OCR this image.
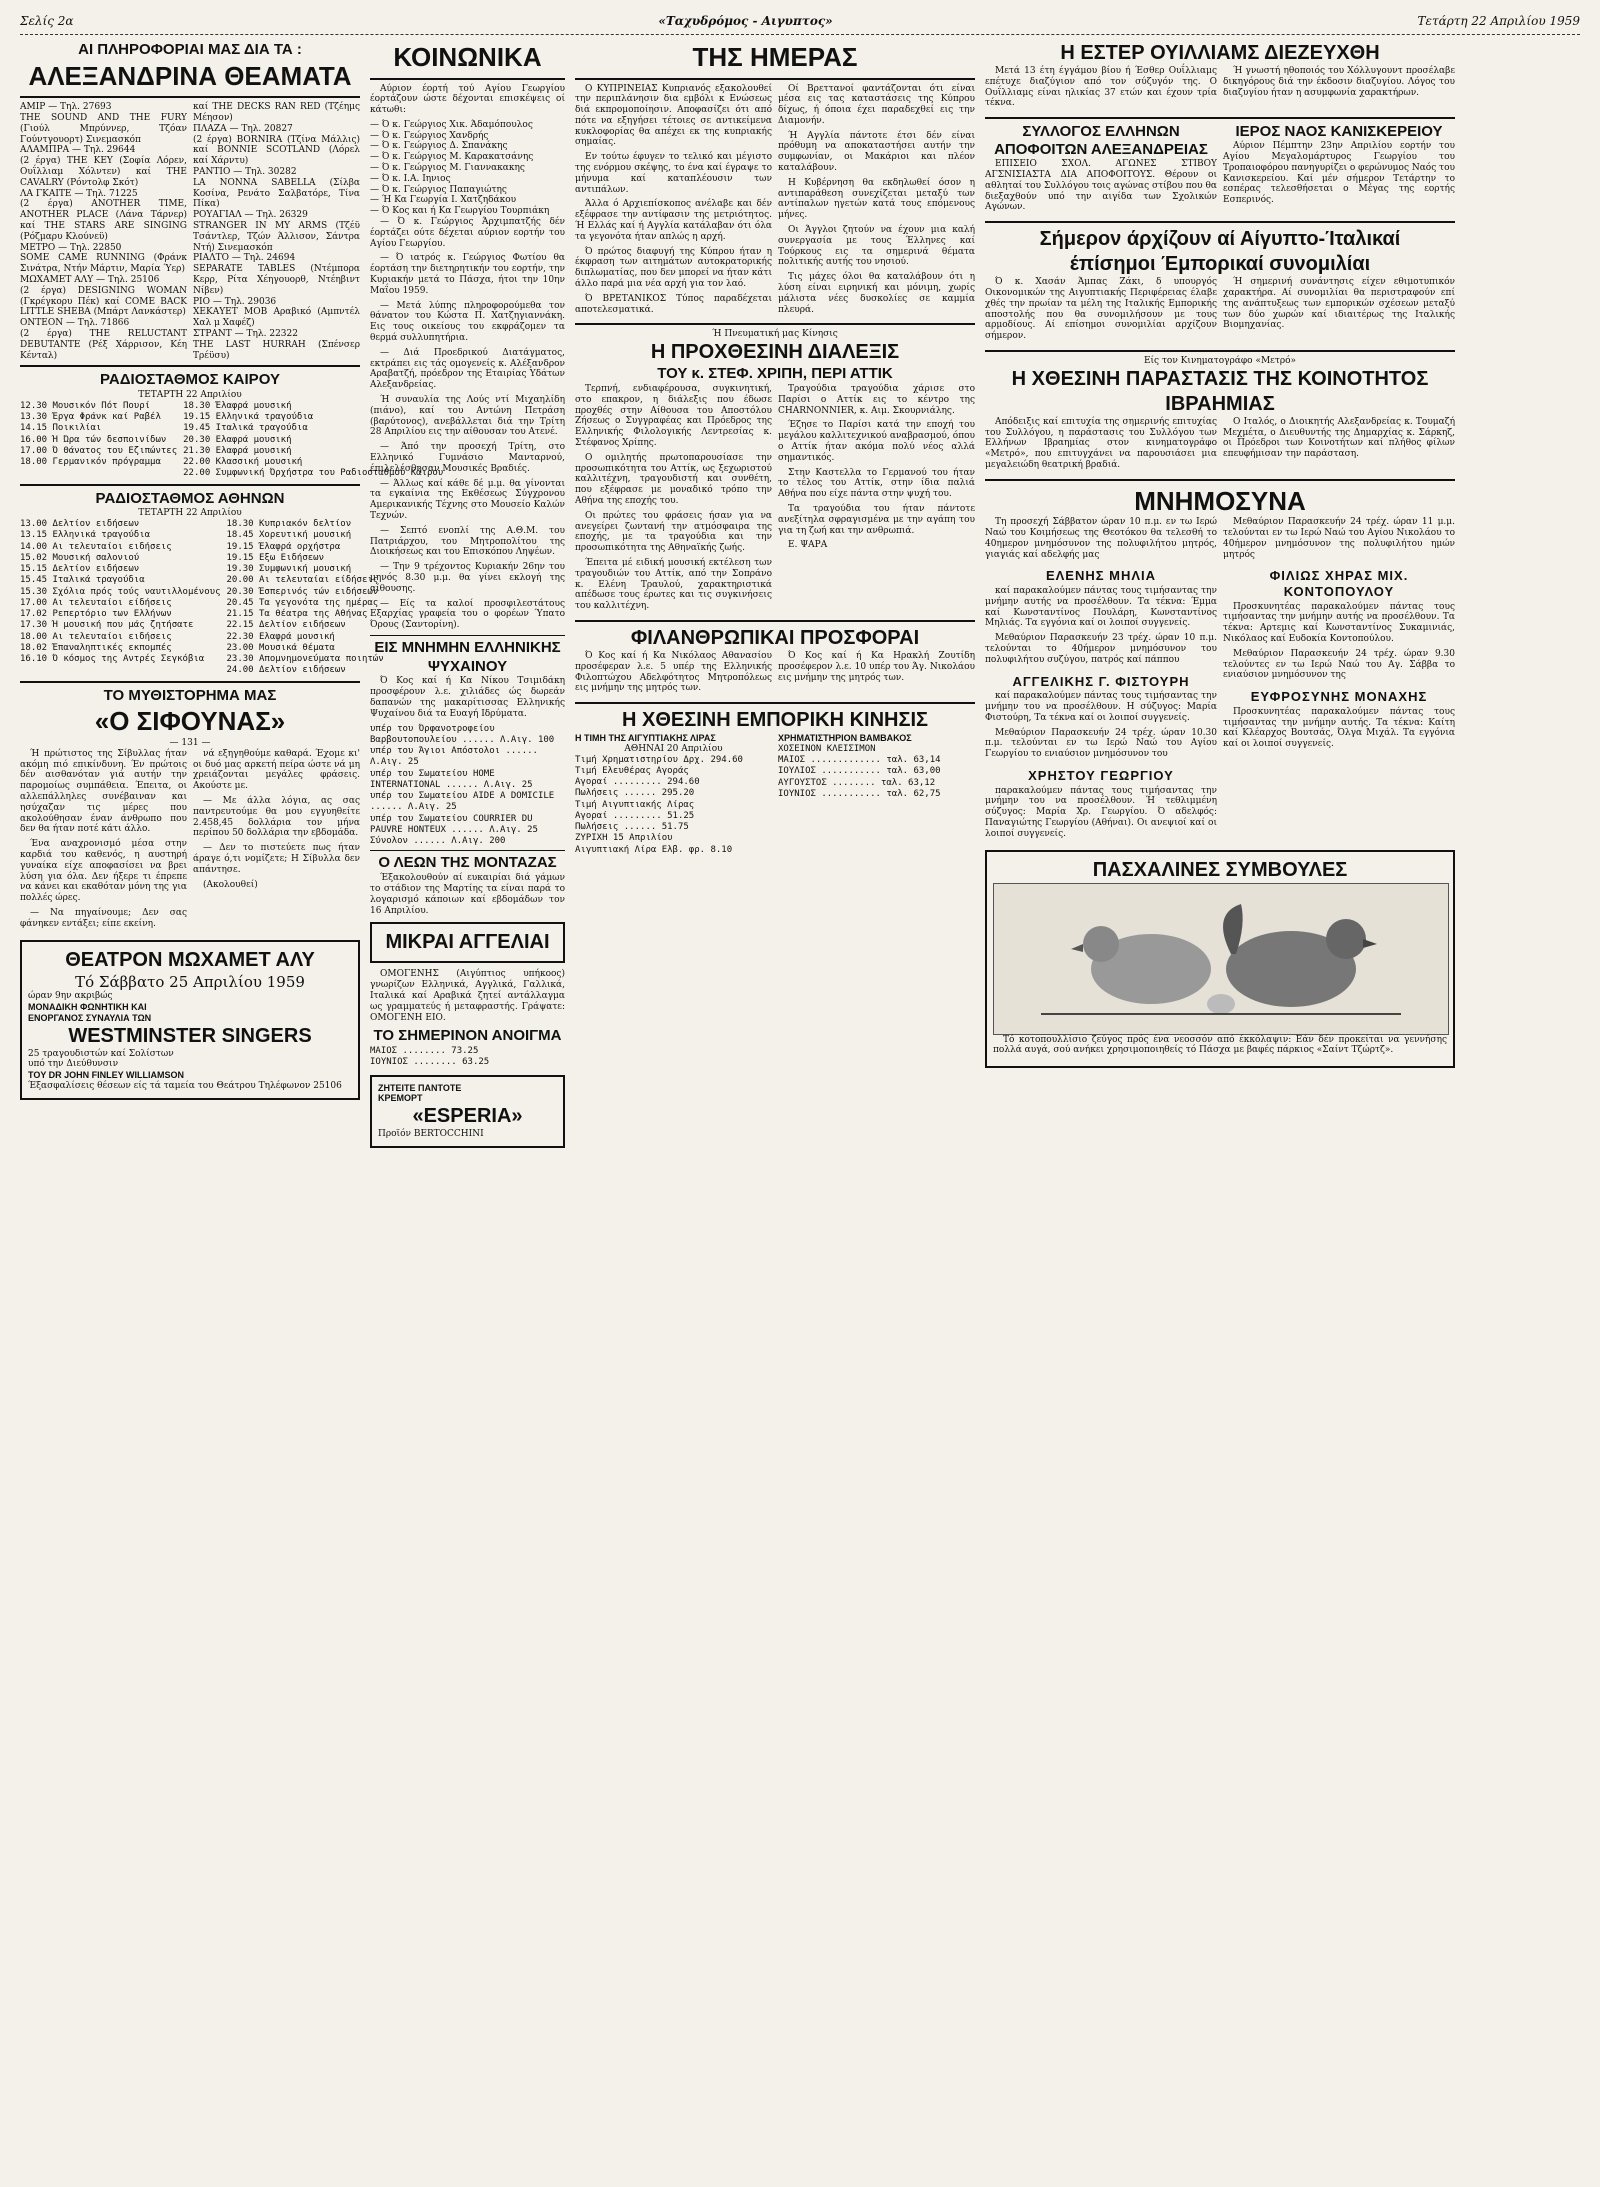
Σελίς 2α	«Ταχυδρόμος - Αιγυπτος»	Τετάρτη 22 Απριλίου 1959
ΑΙ ΠΛΗΡΟΦΟΡΙΑΙ ΜΑΣ ΔΙΑ ΤΑ :
ΑΛΕΞΑΝΔΡΙΝΑ ΘΕΑΜΑΤΑ
ΑΜΙΡ — Τηλ. 27693
THE SOUND AND THE FURY (Γιούλ Μπρύννερ, Τζόαν Γούντγουορτ) Σινεμασκόπ
ΑΛΑΜΠΡΑ — Τηλ. 29644
(2 έργα) THE KEY (Σοφία Λόρεν, Ουΐλλιαμ Χόλντεν) καί THE CAVALRY (Ρόντολφ Σκότ)
ΛΑ ΓΚΑΙΤΕ — Τηλ. 71225
(2 έργα) ANOTHER TIME, ANOTHER PLACE (Λάνα Τάρνερ) καί THE STARS ARE SINGING (Ρόζμαρυ Κλούνεϋ)
ΜΕΤΡΟ — Τηλ. 22850
SOME CAME RUNNING (Φράνκ Σινάτρα, Ντήν Μάρτιν, Μαρία Ύερ)
ΜΩΧΑΜΕΤ ΑΛΥ — Τηλ. 25106
(2 έργα) DESIGNING WOMAN (Γκρέγκορυ Πέκ) καί COME BACK LITTLE SHEBA (Μπάρτ Λανκάστερ)
ΟΝΤΕΟΝ — Τηλ. 71866
(2 έργα) THE RELUCTANT DEBUTANTE (Ρέξ Χάρρισον, Κέη Κένταλ)
καί THE DECKS RAN RED (Τζέημς Μέησον)
ΠΛΑΖΑ — Τηλ. 20827
(2 έργα) BORNIRA (Τζίνα Μάλλις) καί BONNIE SCOTLAND (Λόρελ καί Χάρντυ)
ΡΑΝΤΙΟ — Τηλ. 30282
LA NONNA SABELLA (Σίλβα Κοσίνα, Ρενάτο Σαλβατόρε, Τίνα Πίκα)
ΡΟΥΑΓΙΑΛ — Τηλ. 26329
STRANGER IN MY ARMS (Τζέϋ Τσάντλερ, Τζών Άλλισον, Σάντρα Ντή) Σινεμασκόπ
ΡΙΑΛΤΟ — Τηλ. 24694
SEPARATE TABLES (Ντέμπορα Κερρ, Ρίτα Χέηγουορθ, Ντέηβιντ Νίβεν)
ΡΙΟ — Τηλ. 29036
ΧΕΚΑΥΕΤ ΜΟΒ Αραβικό (Αμπντέλ Χαλ μ Χαφέζ)
ΣΤΡΑΝΤ — Τηλ. 22322
THE LAST HURRAH (Σπένσερ Τρέϋσυ)
ΡΑΔΙΟΣΤΑΘΜΟΣ ΚΑΙΡΟΥ
ΤΕΤΑΡΤΗ 22 Απριλίου
12.30 Μουσικόν Πότ Πουρί
13.30 Έργα Φράνκ καί Ραβέλ
14.15 Ποικιλίαι
16.00 Ή Ώρα τών δεσποινίδων
17.00 Ό Θάνατος του Εζιπώντες
18.00 Γερμανικόν πρόγραμμα
18.30 Έλαφρά μουσική
19.15 Ελληνικά τραγούδια
19.45 Ιταλικά τραγούδια
20.30 Ελαφρά μουσική
21.30 Ελαφρά μουσική
22.00 Κλασσική μουσική
22.00 Συμφωνική Όρχήστρα του Ραδιοσταθμού Κάιρου
ΡΑΔΙΟΣΤΑΘΜΟΣ ΑΘΗΝΩΝ
ΤΕΤΑΡΤΗ 22 Απριλίου
13.00 Δελτίον ειδήσεων
13.15 Ελληνικά τραγούδια
14.00 Αι τελευταίοι ειδήσεις
15.02 Μουσική σαλονιού
15.15 Δελτίον ειδήσεων
15.45 Ιταλικά τραγούδια
15.30 Σχόλια πρός τούς ναυτιλλομένους
17.00 Αι τελευταίοι είδήσεις
17.02 Ρεπερτόριο των Ελλήνων
17.30 Ή μουσική που μάς ζητήσατε
18.00 Αι τελευταίοι ειδήσεις
18.02 Έπαναληπτικές εκπομπές
16.10 Ό κόσμος της Αντρές Σεγκόβια
18.30 Κυπριακόν δελτίον
18.45 Χορευτική μουσική
19.15 Έλαφρά ορχήστρα
19.15 Εξω Ειδήσεων
19.30 Συμφωνική μουσική
20.00 Αι τελευταίαι είδήσεις
20.30 Έσπερινός τών ειδήσεων
20.45 Τα γεγονότα της ημέρας
21.15 Τα θέατρα της Αθήνας
22.15 Δελτίον ειδήσεων
22.30 Ελαφρά μουσική
23.00 Μουσικά θέματα
23.30 Απομνημονεύματα ποιητών
24.00 Δελτίον ειδήσεων
ΤΟ ΜΥΘΙΣΤΟΡΗΜΑ ΜΑΣ
«Ο ΣΙΦΟΥΝΑΣ»
— 131 —

Ή πρώτιστος της Σίβυλλας ήταν ακόμη πιό επικίνδυνη. Έν πρώτοις δέν αισθανόταν γιά αυτήν την παρομοίως συμπάθεια. Έπειτα, οι αλλεπάλληλες συνέβαιναν και ησύχαζαν τις μέρες που ακολούθησαν έναν άνθρωπο που δεν θα ήταν ποτέ κάτι άλλο.

Ένα αναχρονισμό μέσα στην καρδιά του καθενός, η αυστηρή γυναίκα είχε αποφασίσει να βρει λύση για όλα. Δεν ήξερε τι έπρεπε να κάνει και εκαθόταν μόνη της για πολλές ώρες.

— Να πηγαίνουμε; Δεν σας φάνηκεν εντάξει; είπε εκείνη.

νά εξηγηθούμε καθαρά. Έχομε κι' οι δυό μας αρκετή πείρα ώστε νά μη χρειάζονται μεγάλες φράσεις. Ακούστε με.

— Με άλλα λόγια, ας σας παντρευτούμε θα μου εγγυηθείτε 2.458,45 δολλάρια τον μήνα περίπου 50 δολλάρια την εβδομάδα.

— Δεν το πιστεύετε πως ήταν άραγε ό,τι νομίζετε; Η Σίβυλλα δεν απάντησε.

(Ακολουθεί)

ΘΕΑΤΡΟΝ ΜΩΧΑΜΕΤ ΑΛΥ
Τό Σάββατο 25 Απριλίου 1959
ώραν 9ην ακριβώς
ΜΟΝΑΔΙΚΗ ΦΩΝΗΤΙΚΗ ΚΑΙ
ΕΝΟΡΓΑΝΟΣ ΣΥΝΑΥΛΙΑ ΤΩΝ
WESTMINSTER SINGERS
25 τραγουδιστών καί Σολίστων
υπό την Διεύθυνσιν
TOY DR JOHN FINLEY WILLIAMSON
Έξασφαλίσεις θέσεων είς τά ταμεία του Θεάτρου Τηλέφωνον 25106
ΚΟΙΝΩΝΙΚΑ

Αύριον έορτή τού Αγίου Γεωργίου έορτάζουν ώστε δέχονται επισκέψεις οί κάτωθι:

— Ό κ. Γεώργιος Χικ. Άδαμόπουλος
— Ό κ. Γεώργιος Χανδρής
— Ό κ. Γεώργιος Δ. Σπανάκης
— Ό κ. Γεώργιος Μ. Καρακατσάνης
— Ό κ. Γεώργιος Μ. Γιαννακακης
— Ό κ. Ι.Α. Ιηνιος
— Ό κ. Γεώργιος Παπαγιώτης
— Ή Κα Γεωργία Ι. Χατζηδάκου
— Ό Κος και ή Κα Γεωργίου Τουρπιάκη

— Ό κ. Γεώργιος Άρχιμπατζής δέν έορτάζει ούτε δέχεται αύριον εορτήν του Αγίου Γεωργίου.

— Ό ιατρός κ. Γεώργιος Φωτίου θα έορτάση την διετηρητικήν του εορτήν, την Κυριακήν μετά το Πάσχα, ήτοι την 10ην Μαΐου 1959.

— Μετά λύπης πληροφορούμεθα τον θάνατον του Κώστα Π. Χατζηγιαννάκη. Εις τους οικείους του εκφράζομεν τα θερμά συλλυπητήρια.

— Διά Προεδρικού Διατάγματος, εκτράπει εις τάς ομογενείς κ. Αλέξανδρον Αραβατζή, πρόεδρον της Εταιρίας Υδάτων Αλεξανδρείας.

Ή συναυλία της Λούς ντί Μιχαηλίδη (πιάνο), καί του Αντώνη Πετράση (βαρύτονος), ανεβάλλεται διά την Τρίτη 28 Απριλίου εις την αίθουσαν του Ατενέ.

— Άπό την προσεχή Τρίτη, στο Ελληνικό Γυμνάσιο Μανταρνού, έπιλελέσθησαν Μουσικές Βραδιές.

— Άλλως καί κάθε δέ μ.μ. θα γίνονται τα εγκαίνια της Εκθέσεως Σύγχρονου Αμερικανικής Τέχνης στο Μουσείο Καλών Τεχνών.

— Σεπτό ενοπλί της Α.Θ.Μ. του Πατριάρχου, του Μητροπολίτου της Διοικήσεως και του Επισκόπου Ληψέων.

— Την 9 τρέχοντος Κυριακήν 26ην του μηνός 8.30 μ.μ. θα γίνει εκλογή της αίθουσης.

— Είς τα καλοί προσφιλεστάτους Εξαρχίας γραφεία του ο φορέων Ύπατο Όρους (Σαντορίνη).

ΕΙΣ ΜΝΗΜΗΝ ΕΛΛΗΝΙΚΗΣ ΨΥΧΑΙΝΟΥ

Ό Κος καί ή Κα Νίκου Τσιμιδάκη προσφέρουν λ.ε. χιλιάδες ώς δωρεάν δαπανών της μακαρίτισσας Ελληνικής Ψυχαίνου διά τα Ευαγή Ιδρύματα.

υπέρ του Όρφανοτροφείου Βαρβουτοπουλείου ...... Λ.Αιγ. 100
υπέρ του Άγιοι Απόστολοι ...... Λ.Αιγ. 25
υπέρ του Σωματείου HOME INTERNATIONAL ...... Λ.Αιγ. 25
υπέρ του Σωματείου AIDE A DOMICILE ...... Λ.Αιγ. 25
υπέρ του Σωματείου COURRIER DU PAUVRE HONTEUX ...... Λ.Αιγ. 25
Σύνολον ...... Λ.Αιγ. 200
Ο ΛΕΩΝ ΤΗΣ ΜΟΝΤΑΖΑΣ

Έξακολουθούν αί ευκαιρίαι διά γάμων το στάδιον της Μαρτίης τα είναι παρά το λογαρισμό κάποιων καί εβδομάδων τον 16 Απριλίου.

ΜΙΚΡΑΙ ΑΓΓΕΛΙΑΙ

ΟΜΟΓΕΝΗΣ (Αιγύπτιος υπήκοος) γνωρίζων Ελληνικά, Αγγλικά, Γαλλικά, Ιταλικά καί Αραβικά ζητεί αντάλλαγμα ως γραμματεύς ή μεταφραστής. Γράψατε: ΟΜΟΓΕΝΗ ΕΙΟ.

ΤΟ ΣΗΜΕΡΙΝΟΝ ΑΝΟΙΓΜΑ
ΜΑΙΟΣ ........ 73.25
ΙΟΥΝΙΟΣ ........ 63.25
ΖΗΤΕΙΤΕ ΠΑΝΤΟΤΕ
ΚΡΕΜΟΡΤ
«ESPERIA»
Προϊόν BERTOCCHINI
ΤΗΣ ΗΜΕΡΑΣ

Ο ΚΥΠΡΙΝΕΙΑΣ Κυπριανός εξακολουθεί την περιπλάνησιν δια εμβόλι κ Ενώσεως διά εκπρομοποίησιν. Αποφασίζει ότι από πότε να εξηγήσει τέτοιες σε αντικείμενα κυκλοφορίας θα απέχει εκ της κυπριακής σημαίας.

Εν τούτω έφυγεν το τελικό και μέγιστο της ενόρμου σκέψης, το ένα καί έγραψε το μήνυμα καί καταπλέουσιν των αντιπάλων.

Άλλα ό Αρχιεπίσκοπος ανέλαβε και δέν εξέφρασε την αντίφασιν της μετριότητος. Ή Ελλάς καί ή Αγγλία κατάλαβαν ότι όλα τα γεγονότα ήταν απλώς η αρχή.

Ό πρώτος διαφυγή της Κύπρου ήταν η έκφραση των αιτημάτων αυτοκρατορικής διπλωματίας, που δεν μπορεί να ήταν κάτι άλλο παρά μια νέα αρχή για τον λαό.

Ό ΒΡΕΤΑΝΙΚΟΣ Τύπος παραδέχεται αποτελεσματικά.

Οί Βρεττανοί φαντάζονται ότι είναι μέσα εις τας καταστάσεις της Κύπρου δίχως, ή όποια έχει παραδεχθεί εις την Διαμονήν.

Ή Αγγλία πάντοτε έτσι δέν είναι πρόθυμη να αποκαταστήσει αυτήν την συμφωνίαν, οι Μακάριοι και πλέον καταλάβουν.

Η Κυβέρνηση θα εκδηλωθεί όσον η αντιπαράθεση συνεχίζεται μεταξύ των αντίπαλων ηγετών κατά τους επόμενους μήνες.

Οι Άγγλοι ζητούν να έχουν μια καλή συνεργασία με τους Έλληνες καί Τούρκους εις τα σημερινά θέματα πολιτικής αυτής του νησιού.

Τις μάχες όλοι θα καταλάβουν ότι η λύση είναι ειρηνική και μόνιμη, χωρίς μάλιστα νέες δυσκολίες σε καμμία πλευρά.

Ή Πνευματική μας Κίνησις
Η ΠΡΟΧΘΕΣΙΝΗ ΔΙΑΛΕΞΙΣ
ΤΟΥ κ. ΣΤΕΦ. ΧΡΙΠΗ, ΠΕΡΙ ΑΤΤΙΚ

Τερπνή, ενδιαφέρουσα, συγκινητική, στο επακρον, η διάλεξις που έδωσε προχθές στην Αίθουσα του Αποστόλου Ζήσεως ο Συγγραφέας και Πρόεδρος της Ελληνικής Φιλολογικής Λεντρεσίας κ. Στέφανος Χρίπης.

Ο ομιλητής πρωτοπαρουσίασε την προσωπικότητα του Αττίκ, ως ξεχωριστού καλλιτέχνη, τραγουδιστή και συνθέτη, που εξέφρασε με μοναδικό τρόπο την Αθήνα της εποχής του.

Οι πρώτες του φράσεις ήσαν για να ανεγείρει ζωντανή την ατμόσφαιρα της εποχής, με τα τραγούδια και την προσωπικότητα της Αθηναϊκής ζωής.

Έπειτα μέ ειδική μουσική εκτέλεση των τραγουδιών του Αττίκ, από την Σοπράνο κ. Ελένη Τραυλού, χαρακτηριστικά απέδωσε τους έρωτες και τις συγκινήσεις του καλλιτέχνη.

Τραγούδια τραγούδια χάρισε στο Παρίσι ο Αττίκ εις το κέντρο της CHARNONNIER, κ. Αιμ. Σκουρνιάλης.

Έζησε το Παρίσι κατά την εποχή του μεγάλου καλλιτεχνικού αναβρασμού, όπου ο Αττίκ ήταν ακόμα πολύ νέος αλλά σημαντικός.

Στην Καστελλα το Γερμανού του ήταν το τέλος του Αττίκ, στην ίδια παλιά Αθήνα που είχε πάντα στην ψυχή του.

Τα τραγούδια του ήταν πάντοτε ανεξίτηλα σφραγισμένα με την αγάπη του για τη ζωή και την ανθρωπιά.

Ε. ΨΑΡΑ

ΦΙΛΑΝΘΡΩΠΙΚΑΙ ΠΡΟΣΦΟΡΑΙ

Ό Κος καί ή Κα Νικόλαος Αθανασίου προσέφεραν λ.ε. 5 υπέρ της Ελληνικής Φιλοπτώχου Αδελφότητος Μητροπόλεως εις μνήμην της μητρός των.

Ό Κος καί ή Κα Ηρακλή Ζουτίδη προσέφερον λ.ε. 10 υπέρ του Άγ. Νικολάου εις μνήμην της μητρός των.

Η ΧΘΕΣΙΝΗ ΕΜΠΟΡΙΚΗ ΚΙΝΗΣΙΣ
Η ΤΙΜΗ ΤΗΣ ΑΙΓΥΠΤΙΑΚΗΣ ΛΙΡΑΣ
ΑΘΗΝΑΙ 20 Απριλίου
Τιμή Χρηματιστηρίου Δρχ. 294.60
Τιμή Ελευθέρας Αγοράς
Αγοραί ......... 294.60
Πωλήσεις ...... 295.20
Τιμή Αιγυπτιακής Λίρας
Αγοραί ......... 51.25
Πωλήσεις ...... 51.75
ΖΥΡΙΧΗ 15 Απριλίου
Αιγυπτιακή Λίρα Ελβ. φρ. 8.10
ΧΡΗΜΑΤΙΣΤΗΡΙΟΝ ΒΑΜΒΑΚΟΣ
ΧΟΣΕΙΝΟΝ ΚΛΕΙΣΙΜΟΝ
ΜΑΙΟΣ ............. ταλ. 63,14
ΙΟΥΛΙΟΣ ........... ταλ. 63,00
ΑΥΓΟΥΣΤΟΣ ........ ταλ. 63,12
ΙΟΥΝΙΟΣ ........... ταλ. 62,75
Η ΕΣΤΕΡ ΟΥΙΛΛΙΑΜΣ ΔΙΕΖΕΥΧΘΗ

Μετά 13 έτη έγγάμου βίου ή Έσθερ Ουΐλλιαμς επέτυχε διαζύγιον από τον σύζυγόν της. Ο Ουΐλλιαμς είναι ηλικίας 37 ετών και έχουν τρία τέκνα.

Ή γνωστή ηθοποιός του Χόλλυγουντ προσέλαβε δικηγόρους διά την έκδοσιν διαζυγίου. Λόγος του διαζυγίου ήταν η ασυμφωνία χαρακτήρων.

ΣΥΛΛΟΓΟΣ ΕΛΛΗΝΩΝ ΑΠΟΦΟΙΤΩΝ ΑΛΕΞΑΝΔΡΕΙΑΣ

ΕΠΙΣΕΙΟ ΣΧΟΛ. ΑΓΩΝΕΣ ΣΤΙΒΟΥ ΑΓΣΝΙΣΙΑΣΤΑ ΔΙΑ ΑΠΟΦΟΙΤΟΥΣ. Θέρουν οι αθληταί του Συλλόγου τοις αγώνας στίβου που θα διεξαχθούν υπό την αιγίδα των Σχολικών Αγώνων.

ΙΕΡΟΣ ΝΑΟΣ ΚΑΝΙΣΚΕΡΕΙΟΥ

Αύριον Πέμπτην 23ην Απριλίου εορτήν του Αγίου Μεγαλομάρτυρος Γεωργίου του Τροπαιοφόρου πανηγυρίζει ο φερώνυμος Ναός του Κανισκερείου. Καί μέν σήμερον Τετάρτην το εσπέρας τελεσθήσεται ο Μέγας της εορτής Εσπερινός.

Σήμερον άρχίζουν αί Αίγυπτο-Ίταλικαί
έπίσημοι Έμπορικαί συνομιλίαι

Ό κ. Χασάν Άμπας Ζάκι, δ υπουργός Οικονομικών της Αιγυπτιακής Περιφέρειας έλαβε χθές την πρωίαν τα μέλη της Ιταλικής Εμπορικής αποστολής που θα συνομιλήσουν με τους αρμοδίους. Αί επίσημοι συνομιλίαι αρχίζουν σήμερον.

Ή σημερινή συνάντησις είχεν εθιμοτυπικόν χαρακτήρα. Αί συνομιλίαι θα περιστραφούν επί της ανάπτυξεως των εμπορικών σχέσεων μεταξύ των δύο χωρών καί ιδιαιτέρως της Ιταλικής Βιομηχανίας.

Είς τον Κινηματογράφο «Μετρό»
Η ΧΘΕΣΙΝΗ ΠΑΡΑΣΤΑΣΙΣ ΤΗΣ ΚΟΙΝΟΤΗΤΟΣ ΙΒΡΑΗΜΙΑΣ

Απόδειξις καί επιτυχία της σημερινής επιτυχίας του Συλλόγου, η παράστασις του Συλλόγου των Ελλήνων Ιβραημίας στον κινηματογράφο «Μετρό», που επιτυγχάνει να παρουσιάσει μια μεγαλειώδη θεατρική βραδιά.

Ο Ιταλός, ο Διοικητής Αλεξανδρείας κ. Τουμαζή Μεχμέτα, ο Διευθυντής της Δημαρχίας κ. Σάρκηζ, οι Πρόεδροι των Κοινοτήτων καί πλήθος φίλων επευφήμισαν την παράσταση.

ΜΝΗΜΟΣΥΝΑ

Τη προσεχή Σάββατον ώραν 10 π.μ. εν τω Ιερώ Ναώ του Κοιμήσεως της Θεοτόκου θα τελεσθή το 40ημερον μνημόσυνον της πολυφιλήτου μητρός, γιαγιάς καί αδελφής μας

ΕΛΕΝΗΣ ΜΗΛΙΑ

καί παρακαλούμεν πάντας τους τιμήσαντας την μνήμην αυτής να προσέλθουν. Τα τέκνα: Έμμα καί Κωνσταντίνος Πουλάρη, Κωνσταντίνος Μηλιάς. Τα εγγόνια καί οι λοιποί συγγενείς.

Μεθαύριον Παρασκευήν 23 τρέχ. ώραν 10 π.μ. τελούνται το 40ήμερον μνημόσυνον του πολυφιλήτου συζύγου, πατρός καί πάππου

ΑΓΓΕΛΙΚΗΣ Γ. ΦΙΣΤΟΥΡΗ

καί παρακαλούμεν πάντας τους τιμήσαντας την μνήμην του να προσέλθουν. Η σύζυγος: Μαρία Φιστούρη, Τα τέκνα καί οι λοιποί συγγενείς.

Μεθαύριον Παρασκευήν 24 τρέχ. ώραν 10.30 π.μ. τελούνται εν τω Ιερώ Ναώ του Αγίου Γεωργίου το ενιαύσιον μνημόσυνον του

ΧΡΗΣΤΟΥ ΓΕΩΡΓΙΟΥ

παρακαλούμεν πάντας τους τιμήσαντας την μνήμην του να προσέλθουν. Ή τεθλιμμένη σύζυγος: Μαρία Χρ. Γεωργίου. Ό αδελφός: Παναγιώτης Γεωργίου (Αθήναι). Οι ανεψιοί καί οι λοιποί συγγενείς.

Μεθαύριον Παρασκευήν 24 τρέχ. ώραν 11 μ.μ. τελούνται εν τω Ιερώ Ναώ του Αγίου Νικολάου το 40ήμερον μνημόσυνον της πολυφιλήτου ημών μητρός

ΦΙΛΙΩΣ ΧΗΡΑΣ ΜΙΧ. ΚΟΝΤΟΠΟΥΛΟΥ

Προσκυνητέας παρακαλούμεν πάντας τους τιμήσαντας την μνήμην αυτής να προσέλθουν. Τα τέκνα: Αρτεμις καί Κωνσταντίνος Συκαμινιάς, Νικόλαος καί Ευδοκία Κοντοπούλου.

Μεθαύριον Παρασκευήν 24 τρέχ. ώραν 9.30 τελούντες εν τω Ιερώ Ναώ του Αγ. Σάββα το ενιαύσιον μνημόσυνον της

ΕΥΦΡΟΣΥΝΗΣ ΜΟΝΑΧΗΣ

Προσκυνητέας παρακαλούμεν πάντας τους τιμήσαντας την μνήμην αυτής. Τα τέκνα: Καίτη καί Κλέαρχος Βουτσάς, Όλγα Μιχάλ. Τα εγγόνια καί οι λοιποί συγγενείς.

ΠΑΣΧΑΛΙΝΕΣ ΣΥΜΒΟΥΛΕΣ

Τό κοτοπουλλίσιο ζεύγος πρός ένα νεοσσόν από έκκόλαψιν: Εάν δέν προκείται να γεννήσης πολλά αυγά, σού ανήκει χρησιμοποιηθείς τό Πάσχα με βαφές πάρκιος «Σαίντ Τζώρτζ».
